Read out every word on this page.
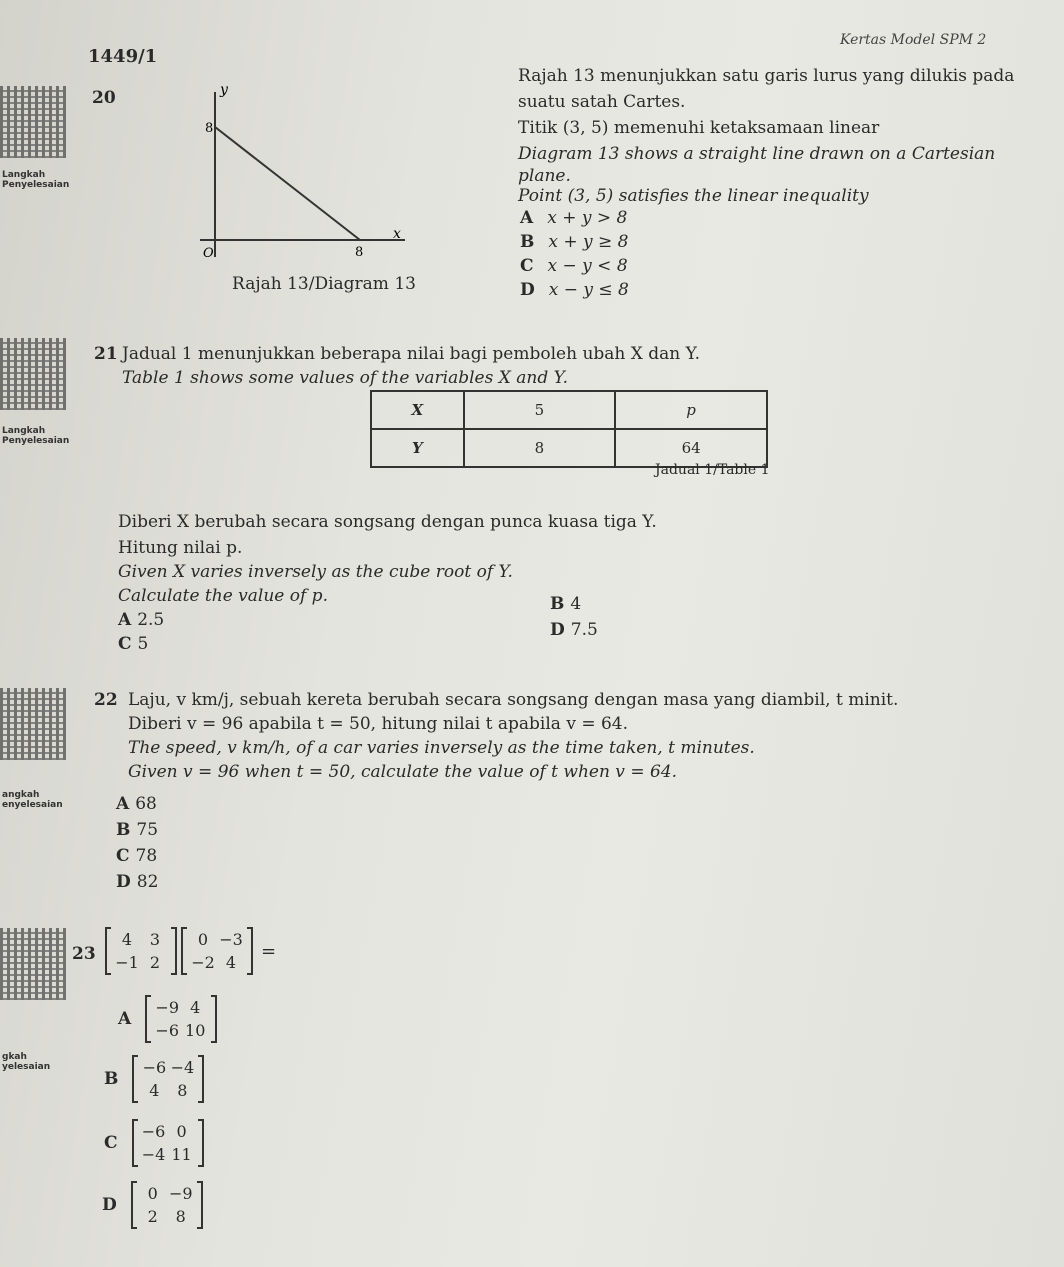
1449/1
Kertas Model SPM 2
Langkah
Penyelesaian
20	y
x
8
8
O
Rajah 13/Diagram 13
Rajah 13 menunjukkan satu garis lurus yang dilukis pada
suatu satah Cartes.
Titik (3, 5) memenuhi ketaksamaan linear
Diagram 13 shows a straight line drawn on a Cartesian
plane.
Point (3, 5) satisfies the linear inequality
A x + y > 8
B x + y ≥ 8
C x − y < 8
D x − y ≤ 8
Langkah
Penyelesaian
21 Jadual 1 menunjukkan beberapa nilai bagi pemboleh ubah X dan Y.
Table 1 shows some values of the variables X and Y.
X	5	p
Y	8	64
Jadual 1/Table 1
Diberi X berubah secara songsang dengan punca kuasa tiga Y.
Hitung nilai p.
Given X varies inversely as the cube root of Y.
Calculate the value of p.
A 2.5
B 4
C 5
D 7.5
angkah
enyelesaian
22 Laju, v km/j, sebuah kereta berubah secara songsang dengan masa yang diambil, t minit.
Diberi v = 96 apabila t = 50, hitung nilai t apabila v = 64.
The speed, v km/h, of a car varies inversely as the time taken, t minutes.
Given v = 96 when t = 50, calculate the value of t when v = 64.
A 68
B 75
C 78
D 82
gkah
yelesaian
23
4	3
−1 2
0 −3
−2 4
=
A
−9 4
−6 10
B
−6 −4
4	8
C
−6 0
−4 11
D
0 −9
2	8
